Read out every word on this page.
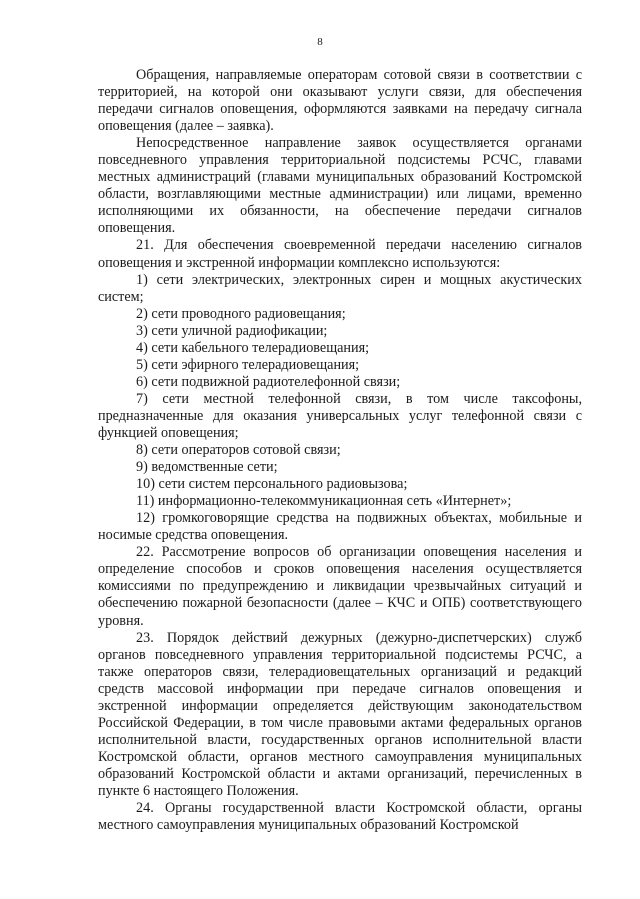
8

Обращения, направляемые операторам сотовой связи в соответствии с территорией, на которой они оказывают услуги связи, для обеспечения передачи сигналов оповещения, оформляются заявками на передачу сигнала оповещения (далее – заявка).

Непосредственное направление заявок осуществляется органами повседневного управления территориальной подсистемы РСЧС, главами местных администраций (главами муниципальных образований Костромской области, возглавляющими местные администрации) или лицами, временно исполняющими их обязанности, на обеспечение передачи сигналов оповещения.

21. Для обеспечения своевременной передачи населению сигналов оповещения и экстренной информации комплексно используются:

1) сети электрических, электронных сирен и мощных акустических систем;

2) сети проводного радиовещания;

3) сети уличной радиофикации;

4) сети кабельного телерадиовещания;

5) сети эфирного телерадиовещания;

6) сети подвижной радиотелефонной связи;

7) сети местной телефонной связи, в том числе таксофоны, предназначенные для оказания универсальных услуг телефонной связи с функцией оповещения;

8) сети операторов сотовой связи;

9) ведомственные сети;

10) сети систем персонального радиовызова;

11) информационно-телекоммуникационная сеть «Интернет»;

12) громкоговорящие средства на подвижных объектах, мобильные и носимые средства оповещения.

22. Рассмотрение вопросов об организации оповещения населения и определение способов и сроков оповещения населения осуществляется комиссиями по предупреждению и ликвидации чрезвычайных ситуаций и обеспечению пожарной безопасности (далее – КЧС и ОПБ) соответствующего уровня.

23. Порядок действий дежурных (дежурно-диспетчерских) служб органов повседневного управления территориальной подсистемы РСЧС, а также операторов связи, телерадиовещательных организаций и редакций средств массовой информации при передаче сигналов оповещения и экстренной информации определяется действующим законодательством Российской Федерации, в том числе правовыми актами федеральных органов исполнительной власти, государственных органов исполнительной власти Костромской области, органов местного самоуправления муниципальных образований Костромской области и актами организаций, перечисленных в пункте 6 настоящего Положения.

24. Органы государственной власти Костромской области, органы местного самоуправления муниципальных образований Костромской
